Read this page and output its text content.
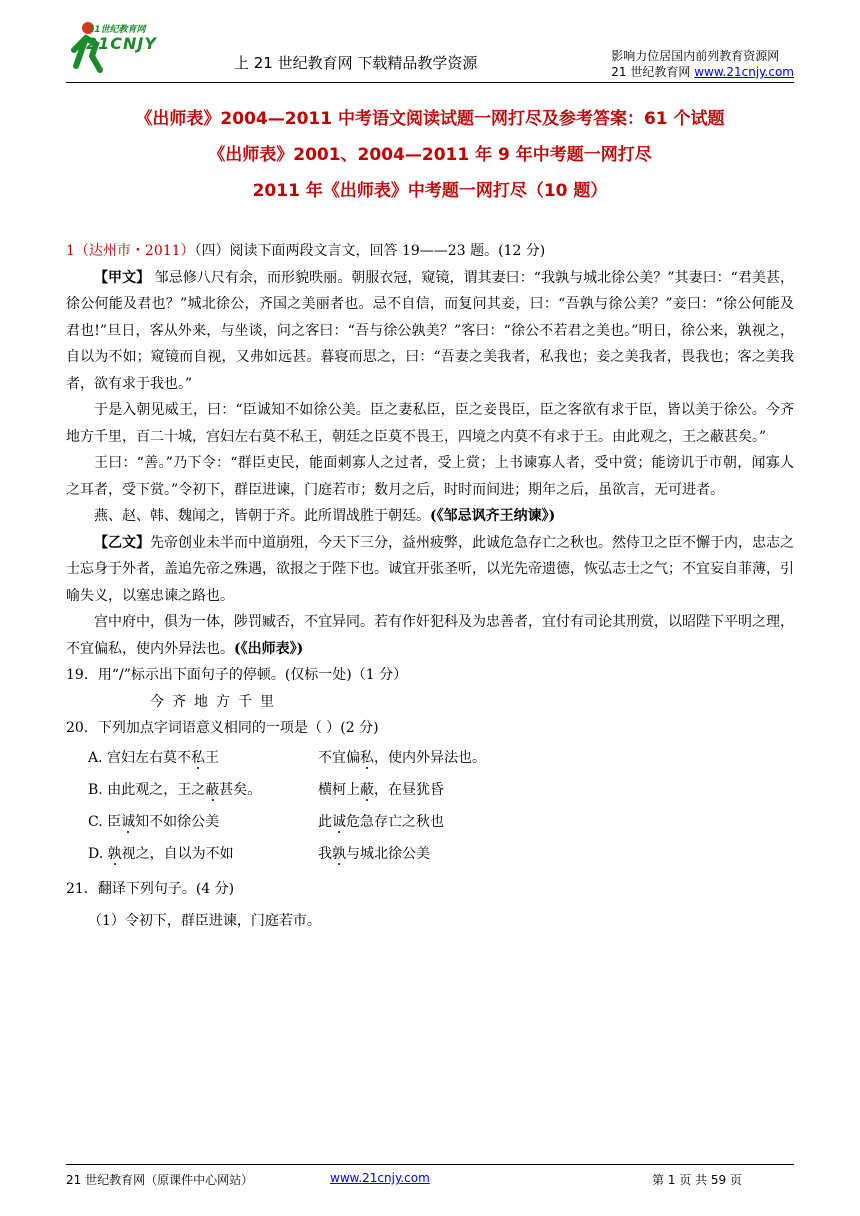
21世纪教育网
21CNJY
上 21 世纪教育网 下载精品教学资源	影响力位居国内前列教育资源网
21 世纪教育网 www.21cnjy.com
《出师表》2004—2011 中考语文阅读试题一网打尽及参考答案：61 个试题
《出师表》2001、2004—2011 年 9 年中考题一网打尽
2011 年《出师表》中考题一网打尽（10 题）

1（达州市・2011）（四）阅读下面两段文言文，回答 19——23 题。(12 分)

【甲文】 邹忌修八尺有余，而形貌昳丽。朝服衣冠，窥镜，谓其妻曰：“我孰与城北徐公美？”其妻曰：“君美甚，徐公何能及君也？”城北徐公，齐国之美丽者也。忌不自信，而复问其妾，曰：“吾孰与徐公美？”妾曰：“徐公何能及君也!”旦日，客从外来，与坐谈，问之客曰：“吾与徐公孰美？”客曰：“徐公不若君之美也。”明日，徐公来，孰视之，自以为不如；窥镜而自视，又弗如远甚。暮寝而思之，曰：“吾妻之美我者，私我也；妾之美我者，畏我也；客之美我者，欲有求于我也。”

于是入朝见威王，曰：“臣诚知不如徐公美。臣之妻私臣，臣之妾畏臣，臣之客欲有求于臣，皆以美于徐公。今齐地方千里，百二十城，宫妇左右莫不私王，朝廷之臣莫不畏王，四境之内莫不有求于王。由此观之，王之蔽甚矣。”

王曰：“善。”乃下令：“群臣吏民，能面刺寡人之过者，受上赏；上书谏寡人者，受中赏；能谤讥于市朝，闻寡人之耳者，受下赏。”令初下，群臣进谏，门庭若市；数月之后，时时而间进；期年之后，虽欲言，无可进者。

燕、赵、韩、魏闻之，皆朝于齐。此所谓战胜于朝廷。(《邹忌讽齐王纳谏》)

【乙文】先帝创业未半而中道崩殂，今天下三分，益州疲弊，此诚危急存亡之秋也。然侍卫之臣不懈于内，忠志之士忘身于外者，盖追先帝之殊遇，欲报之于陛下也。诚宜开张圣听，以光先帝遗德，恢弘志士之气；不宜妄自菲薄，引喻失义，以塞忠谏之路也。

宫中府中，俱为一体，陟罚臧否，不宜异同。若有作奸犯科及为忠善者，宜付有司论其刑赏，以昭陛下平明之理，不宜偏私，使内外异法也。(《出师表》)

19．用“/”标示出下面句子的停顿。(仅标一处)（1 分）

今齐地方千里

20．下列加点字词语意义相同的一项是（ ）(2 分)

A. 宫妇左右莫不私王	不宜偏私，使内外异法也。
B. 由此观之，王之蔽甚矣。	横柯上蔽，在昼犹昏
C. 臣诚知不如徐公美	此诚危急存亡之秋也
D. 孰视之，自以为不如	我孰与城北徐公美

21．翻译下列句子。(4 分)

（1）令初下，群臣进谏，门庭若市。

21 世纪教育网（原课件中心网站）	www.21cnjy.com	第 1 页 共 59 页
